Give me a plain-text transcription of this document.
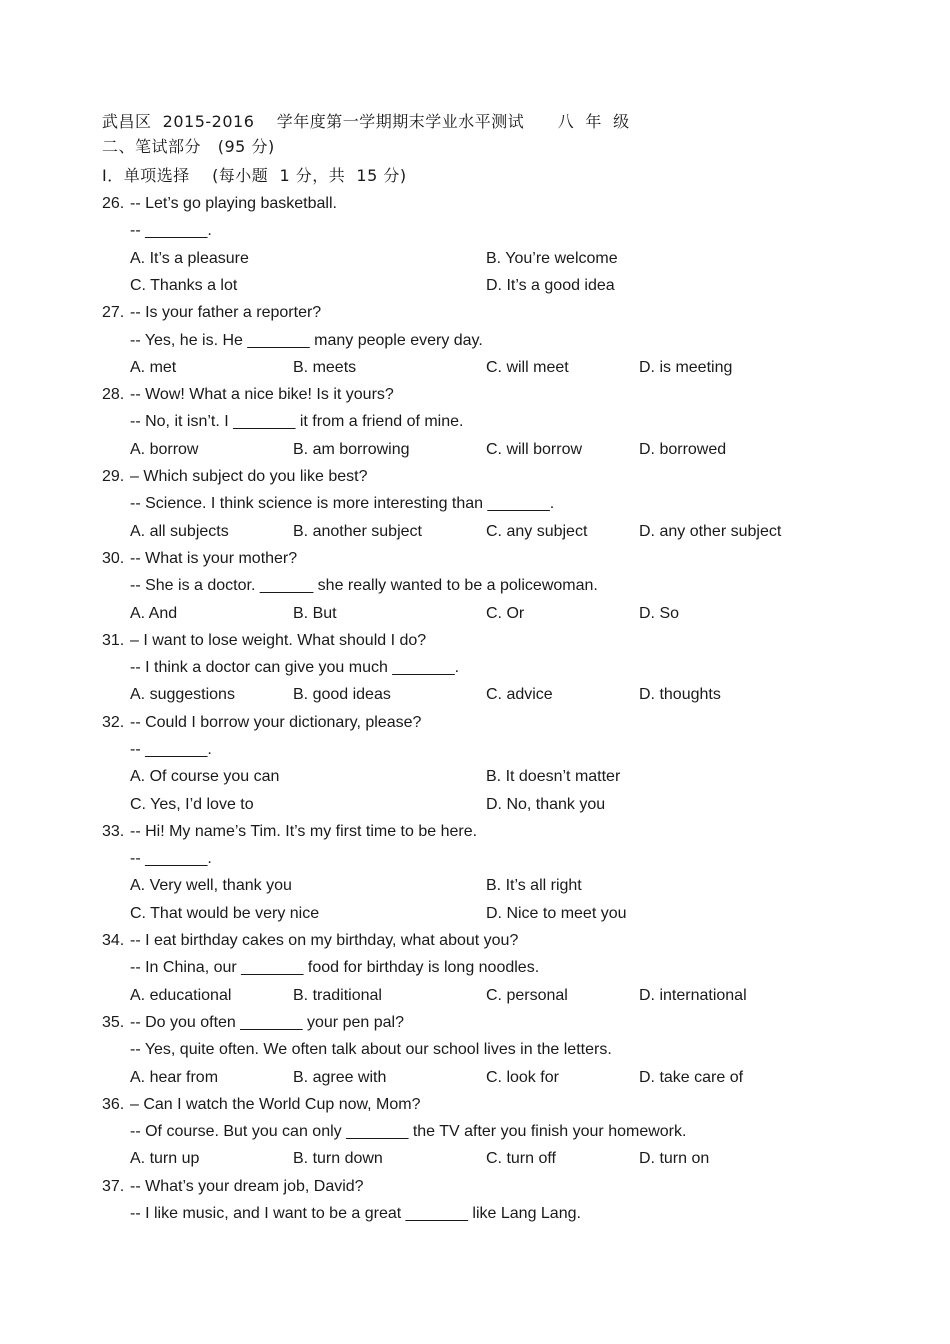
武昌区  2015-2016    学年度第一学期期末学业水平测试      八  年  级
二、笔试部分   (95 分)
I．单项选择    (每小题  1 分，共  15 分)
26. -- Let’s go playing basketball.
-- _______.
A. It’s a pleasure	B. You’re welcome
C. Thanks a lot	D. It’s a good idea
27. -- Is your father a reporter?
-- Yes, he is. He _______ many people every day.
A. met	B. meets	C. will meet	D. is meeting
28. -- Wow! What a nice bike! Is it yours?
-- No, it isn’t. I _______ it from a friend of mine.
A. borrow	B. am borrowing	C. will borrow	D. borrowed
29. – Which subject do you like best?
-- Science. I think science is more interesting than _______.
A. all subjects	B. another subject	C. any subject	D. any other subject
30. -- What is your mother?
-- She is a doctor. ______ she really wanted to be a policewoman.
A. And	B. But	C. Or	D. So
31. – I want to lose weight. What should I do?
-- I think a doctor can give you much _______.
A. suggestions	B. good ideas	C. advice	D. thoughts
32. -- Could I borrow your dictionary, please?
-- _______.
A. Of course you can	B. It doesn’t matter
C. Yes, I’d love to	D. No, thank you
33. -- Hi! My name’s Tim. It’s my first time to be here.
-- _______.
A. Very well, thank you	B. It’s all right
C. That would be very nice	D. Nice to meet you
34. -- I eat birthday cakes on my birthday, what about you?
-- In China, our _______ food for birthday is long noodles.
A. educational	B. traditional	C. personal	D. international
35. -- Do you often _______ your pen pal?
-- Yes, quite often. We often talk about our school lives in the letters.
A. hear from	B. agree with	C. look for	D. take care of
36. – Can I watch the World Cup now, Mom?
-- Of course. But you can only _______ the TV after you finish your homework.
A. turn up	B. turn down	C. turn off	D. turn on
37. -- What’s your dream job, David?
-- I like music, and I want to be a great _______ like Lang Lang.
